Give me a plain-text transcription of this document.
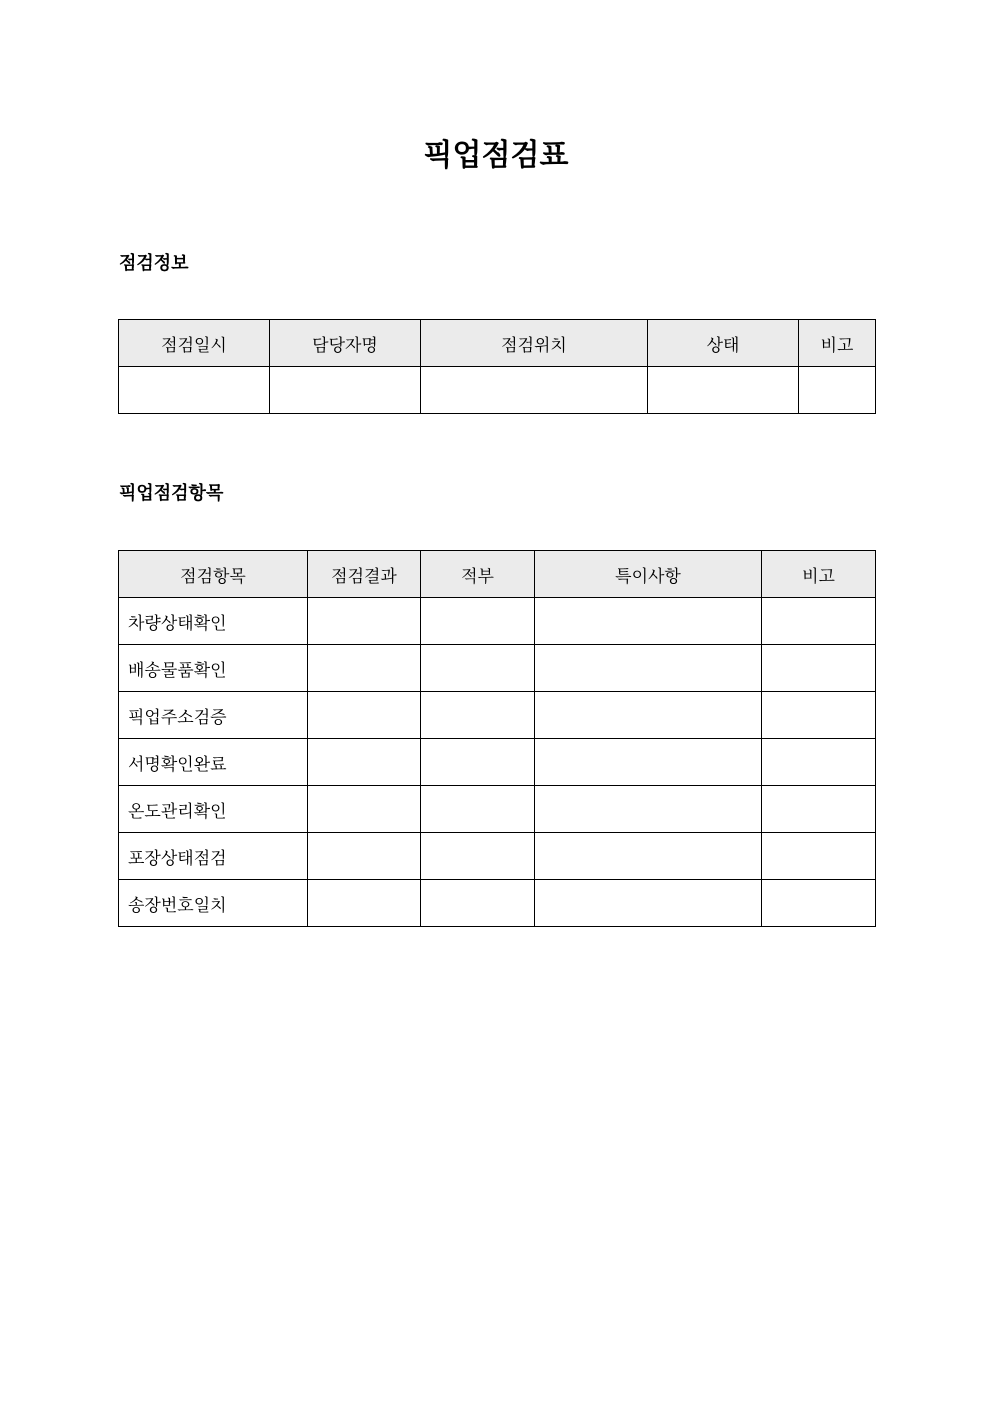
픽업점검표
점검정보
점검일시	담당자명	점검위치	상태	비고

픽업점검항목
점검항목	점검결과	적부	특이사항	비고
차량상태확인				
배송물품확인				
픽업주소검증				
서명확인완료				
온도관리확인				
포장상태점검				
송장번호일치				
